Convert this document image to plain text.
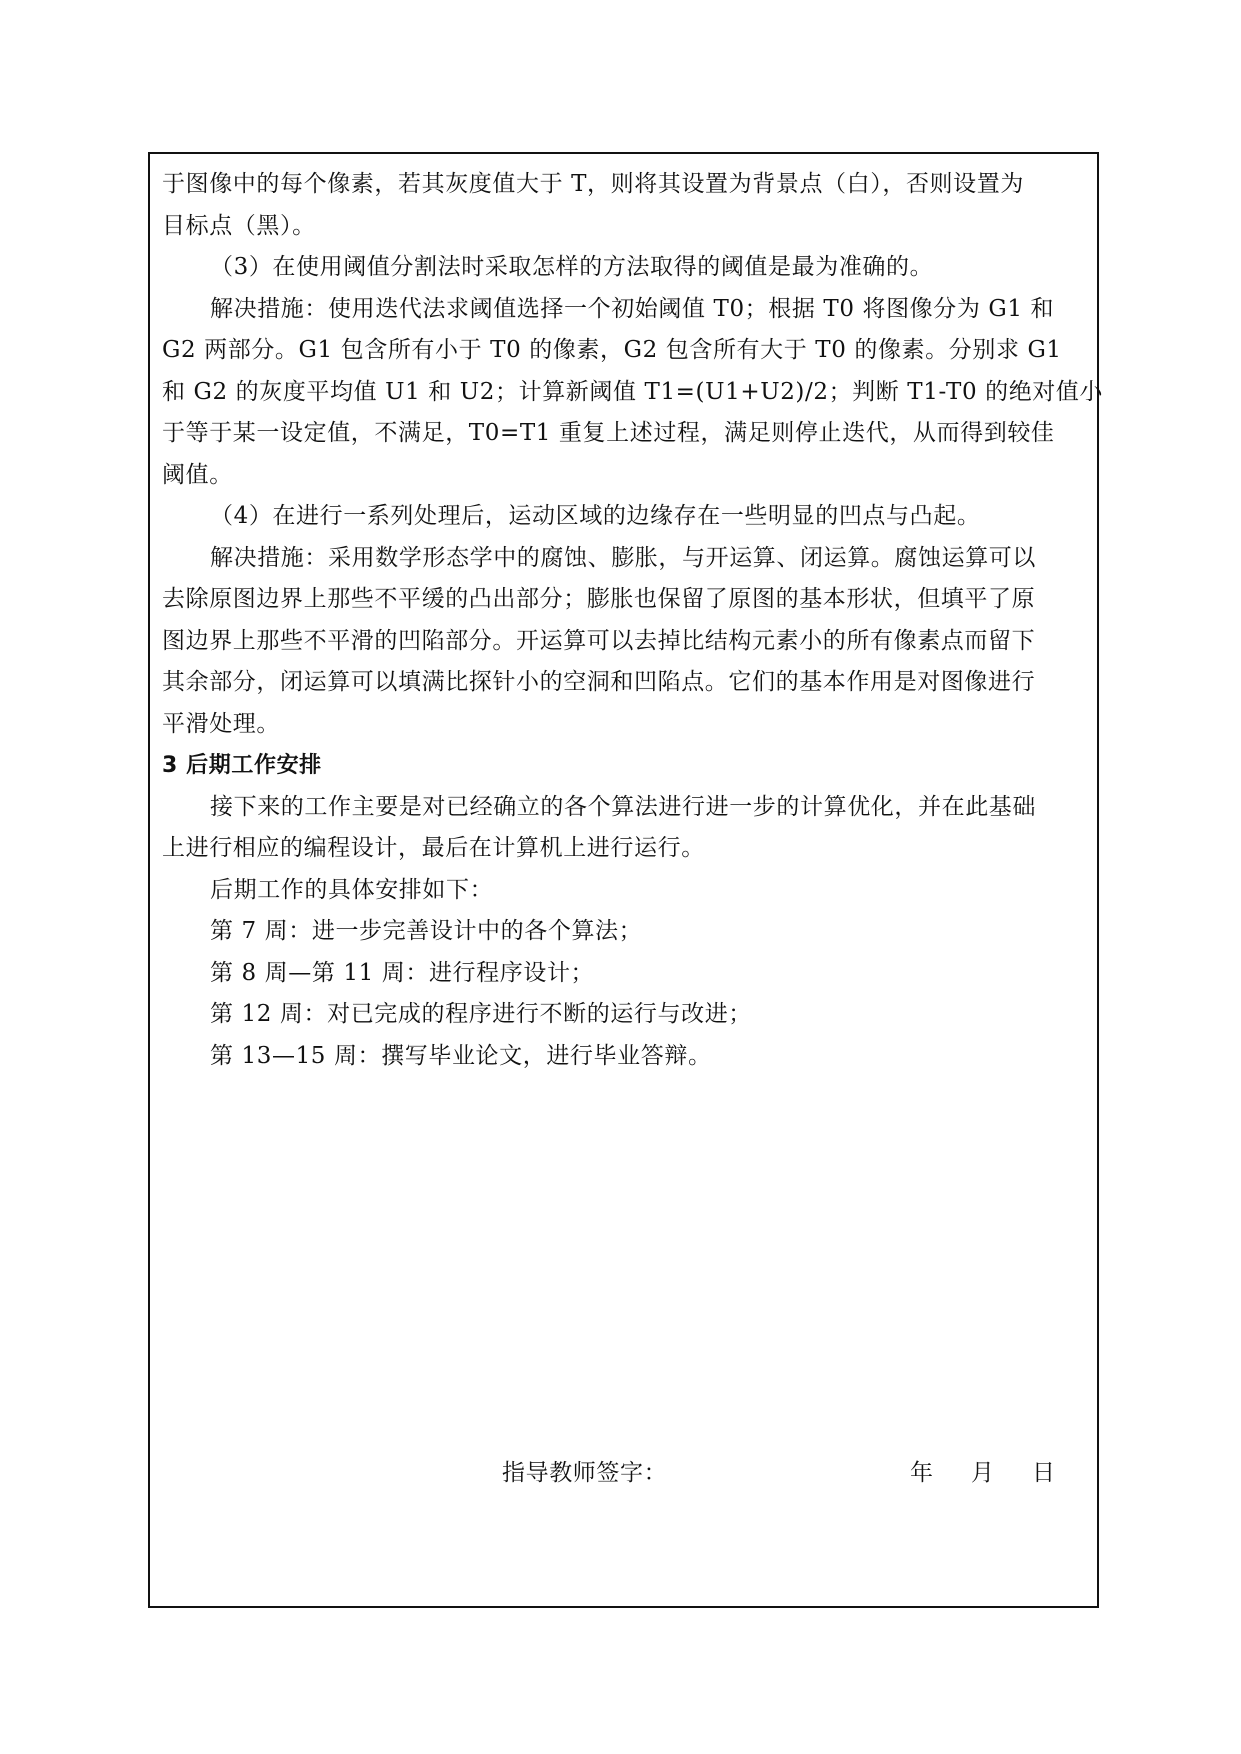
于图像中的每个像素，若其灰度值大于 T，则将其设置为背景点（白），否则设置为
目标点（黑）。
（3）在使用阈值分割法时采取怎样的方法取得的阈值是最为准确的。
解决措施：使用迭代法求阈值选择一个初始阈值 T0；根据 T0 将图像分为 G1 和
G2 两部分。G1 包含所有小于 T0 的像素，G2 包含所有大于 T0 的像素。分别求 G1
和 G2 的灰度平均值 U1 和 U2；计算新阈值 T1=(U1+U2)/2；判断 T1-T0 的绝对值小
于等于某一设定值，不满足，T0=T1 重复上述过程，满足则停止迭代，从而得到较佳
阈值。
（4）在进行一系列处理后，运动区域的边缘存在一些明显的凹点与凸起。
解决措施：采用数学形态学中的腐蚀、膨胀，与开运算、闭运算。腐蚀运算可以
去除原图边界上那些不平缓的凸出部分；膨胀也保留了原图的基本形状，但填平了原
图边界上那些不平滑的凹陷部分。开运算可以去掉比结构元素小的所有像素点而留下
其余部分，闭运算可以填满比探针小的空洞和凹陷点。它们的基本作用是对图像进行
平滑处理。
3 后期工作安排
接下来的工作主要是对已经确立的各个算法进行进一步的计算优化，并在此基础
上进行相应的编程设计，最后在计算机上进行运行。
后期工作的具体安排如下：
第 7 周：进一步完善设计中的各个算法；
第 8 周—第 11 周：进行程序设计；
第 12 周：对已完成的程序进行不断的运行与改进；
第 13—15 周：撰写毕业论文，进行毕业答辩。
指导教师签字：	年 月 日
